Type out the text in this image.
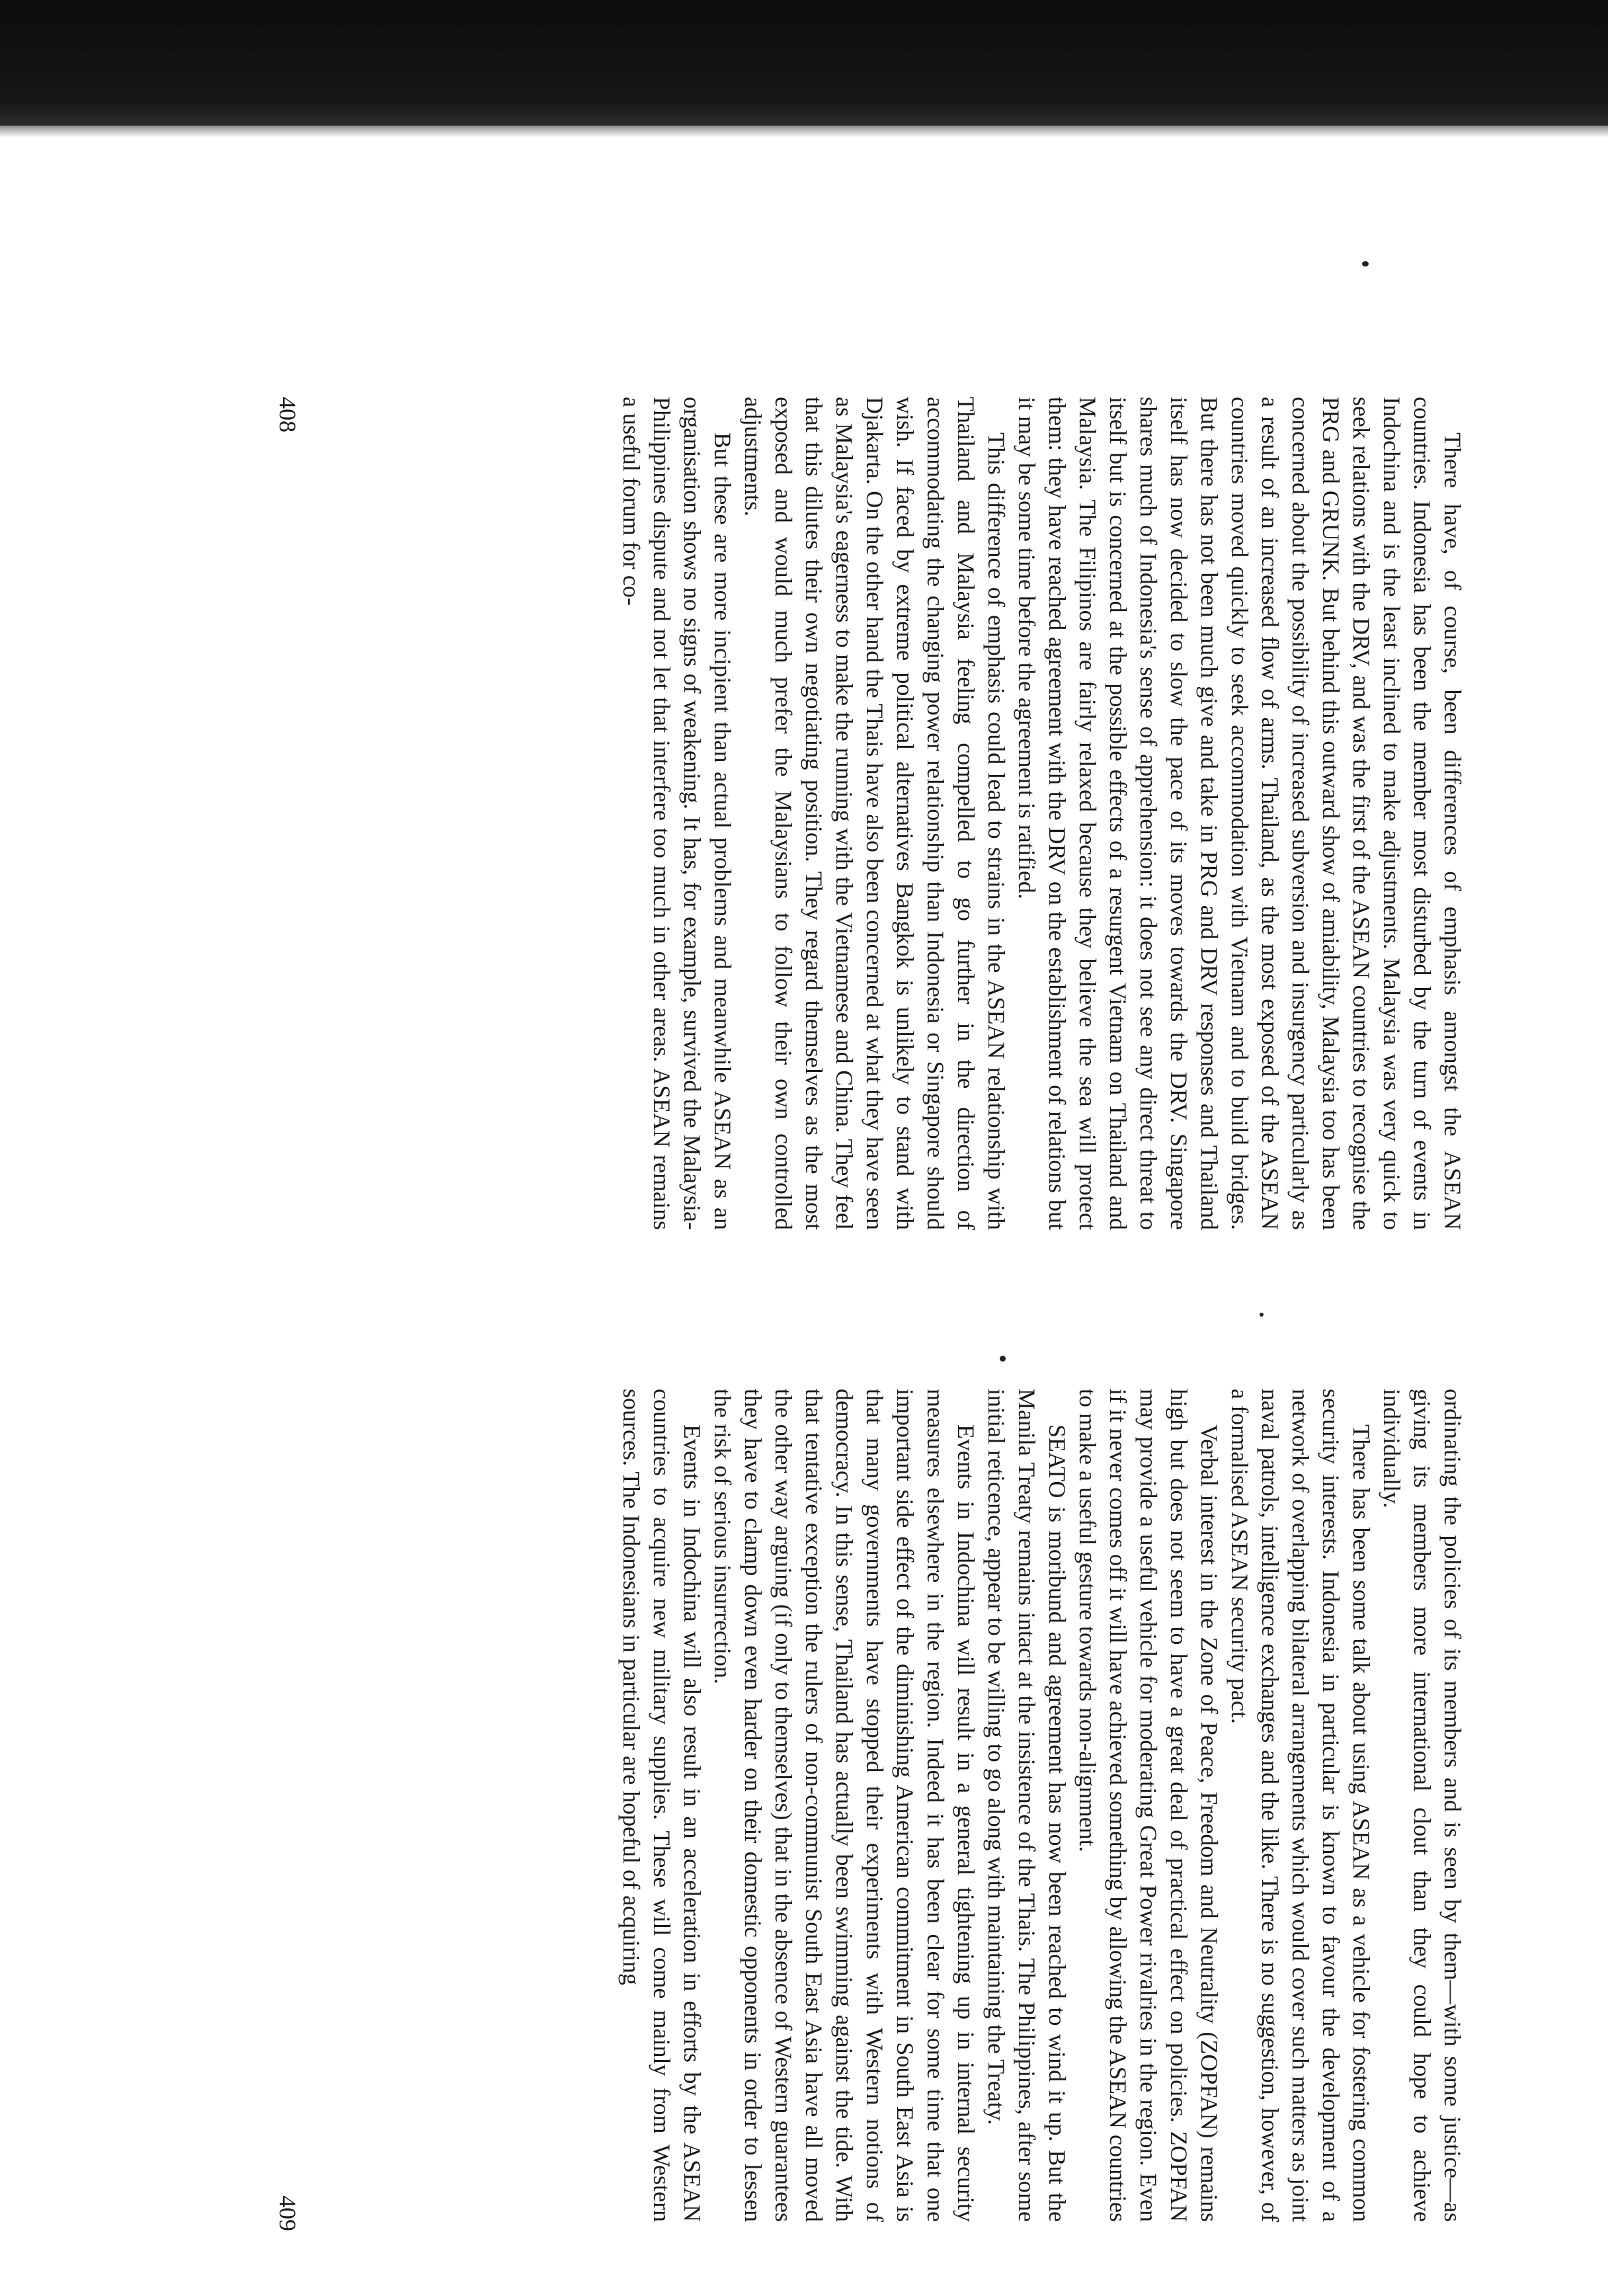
There have, of course, been differences of emphasis amongst the ASEAN countries. Indonesia has been the member most disturbed by the turn of events in Indochina and is the least inclined to make adjustments. Malaysia was very quick to seek relations with the DRV, and was the first of the ASEAN countries to recognise the PRG and GRUNK. But behind this outward show of amiability, Malaysia too has been concerned about the possibility of increased subversion and insurgency particularly as a result of an increased flow of arms. Thailand, as the most exposed of the ASEAN countries moved quickly to seek accommodation with Vietnam and to build bridges. But there has not been much give and take in PRG and DRV responses and Thailand itself has now decided to slow the pace of its moves towards the DRV. Singapore shares much of Indonesia's sense of apprehension: it does not see any direct threat to itself but is concerned at the possible effects of a resurgent Vietnam on Thailand and Malaysia. The Filipinos are fairly relaxed because they believe the sea will protect them: they have reached agreement with the DRV on the establishment of relations but it may be some time before the agreement is ratified.

This difference of emphasis could lead to strains in the ASEAN relationship with Thailand and Malaysia feeling compelled to go further in the direction of accommodating the changing power relationship than Indonesia or Singapore should wish. If faced by extreme political alternatives Bangkok is unlikely to stand with Djakarta. On the other hand the Thais have also been concerned at what they have seen as Malaysia's eagerness to make the running with the Vietnamese and China. They feel that this dilutes their own negotiating position. They regard themselves as the most exposed and would much prefer the Malaysians to follow their own controlled adjustments.

But these are more incipient than actual problems and meanwhile ASEAN as an organisation shows no signs of weakening. It has, for example, survived the Malaysia-Philippines dispute and not let that interfere too much in other areas. ASEAN remains a useful forum for co-

408

ordinating the policies of its members and is seen by them—with some justice—as giving its members more international clout than they could hope to achieve individually.

There has been some talk about using ASEAN as a vehicle for fostering common security interests. Indonesia in particular is known to favour the development of a network of overlapping bilateral arrangements which would cover such matters as joint naval patrols, intelligence exchanges and the like. There is no suggestion, however, of a formalised ASEAN security pact.

Verbal interest in the Zone of Peace, Freedom and Neutrality (ZOPFAN) remains high but does not seem to have a great deal of practical effect on policies. ZOPFAN may provide a useful vehicle for moderating Great Power rivalries in the region. Even if it never comes off it will have achieved something by allowing the ASEAN countries to make a useful gesture towards non-alignment.

SEATO is moribund and agreement has now been reached to wind it up. But the Manila Treaty remains intact at the insistence of the Thais. The Philippines, after some initial reticence, appear to be willing to go along with maintaining the Treaty.

Events in Indochina will result in a general tightening up in internal security measures elsewhere in the region. Indeed it has been clear for some time that one important side effect of the diminishing American commitment in South East Asia is that many governments have stopped their experiments with Western notions of democracy. In this sense, Thailand has actually been swimming against the tide. With that tentative exception the rulers of non-communist South East Asia have all moved the other way arguing (if only to themselves) that in the absence of Western guarantees they have to clamp down even harder on their domestic opponents in order to lessen the risk of serious insurrection.

Events in Indochina will also result in an acceleration in efforts by the ASEAN countries to acquire new military supplies. These will come mainly from Western sources. The Indonesians in particular are hopeful of acquiring

409
